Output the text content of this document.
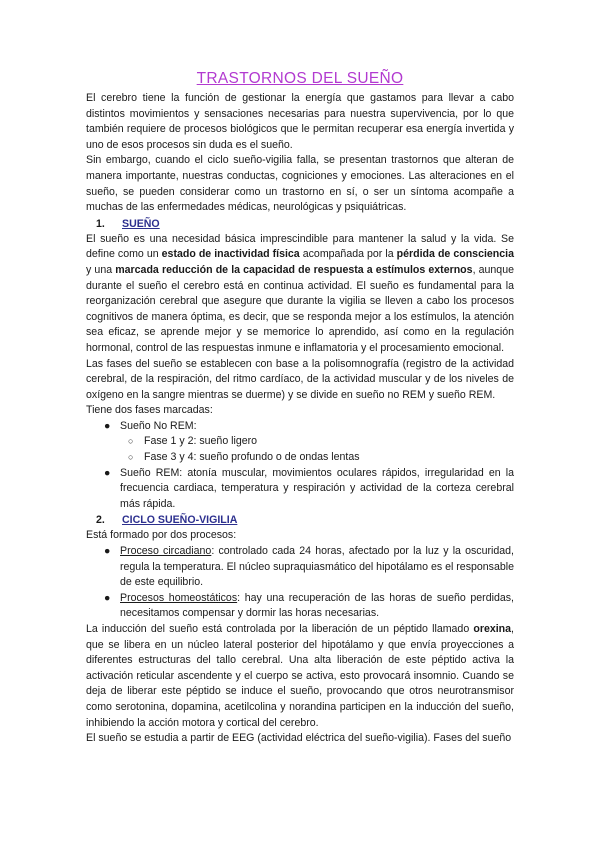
TRASTORNOS DEL SUEÑO

El cerebro tiene la función de gestionar la energía que gastamos para llevar a cabo distintos movimientos y sensaciones necesarias para nuestra supervivencia, por lo que también requiere de procesos biológicos que le permitan recuperar esa energía invertida y uno de esos procesos sin duda es el sueño.

Sin embargo, cuando el ciclo sueño-vigilia falla, se presentan trastornos que alteran de manera importante, nuestras conductas, cogniciones y emociones. Las alteraciones en el sueño, se pueden considerar como un trastorno en sí, o ser un síntoma acompañe a muchas de las enfermedades médicas, neurológicas y psiquiátricas.

1. SUEÑO

El sueño es una necesidad básica imprescindible para mantener la salud y la vida. Se define como un estado de inactividad física acompañada por la pérdida de consciencia y una marcada reducción de la capacidad de respuesta a estímulos externos, aunque durante el sueño el cerebro está en continua actividad. El sueño es fundamental para la reorganización cerebral que asegure que durante la vigilia se lleven a cabo los procesos cognitivos de manera óptima, es decir, que se responda mejor a los estímulos, la atención sea eficaz, se aprende mejor y se memorice lo aprendido, así como en la regulación hormonal, control de las respuestas inmune e inflamatoria y el procesamiento emocional.

Las fases del sueño se establecen con base a la polisomnografía (registro de la actividad cerebral, de la respiración, del ritmo cardíaco, de la actividad muscular y de los niveles de oxígeno en la sangre mientras se duerme) y se divide en sueño no REM y sueño REM.

Tiene dos fases marcadas:

● Sueño No REM:
○ Fase 1 y 2: sueño ligero
○ Fase 3 y 4: sueño profundo o de ondas lentas
● Sueño REM: atonía muscular, movimientos oculares rápidos, irregularidad en la frecuencia cardiaca, temperatura y respiración y actividad de la corteza cerebral más rápida.
2. CICLO SUEÑO-VIGILIA

Está formado por dos procesos:

● Proceso circadiano: controlado cada 24 horas, afectado por la luz y la oscuridad, regula la temperatura. El núcleo supraquiasmático del hipotálamo es el responsable de este equilibrio.
● Procesos homeostáticos: hay una recuperación de las horas de sueño perdidas, necesitamos compensar y dormir las horas necesarias.

La inducción del sueño está controlada por la liberación de un péptido llamado orexina, que se libera en un núcleo lateral posterior del hipotálamo y que envía proyecciones a diferentes estructuras del tallo cerebral. Una alta liberación de este péptido activa la activación reticular ascendente y el cuerpo se activa, esto provocará insomnio. Cuando se deja de liberar este péptido se induce el sueño, provocando que otros neurotransmisor como serotonina, dopamina, acetilcolina y norandina participen en la inducción del sueño, inhibiendo la acción motora y cortical del cerebro.

El sueño se estudia a partir de EEG (actividad eléctrica del sueño-vigilia). Fases del sueño
